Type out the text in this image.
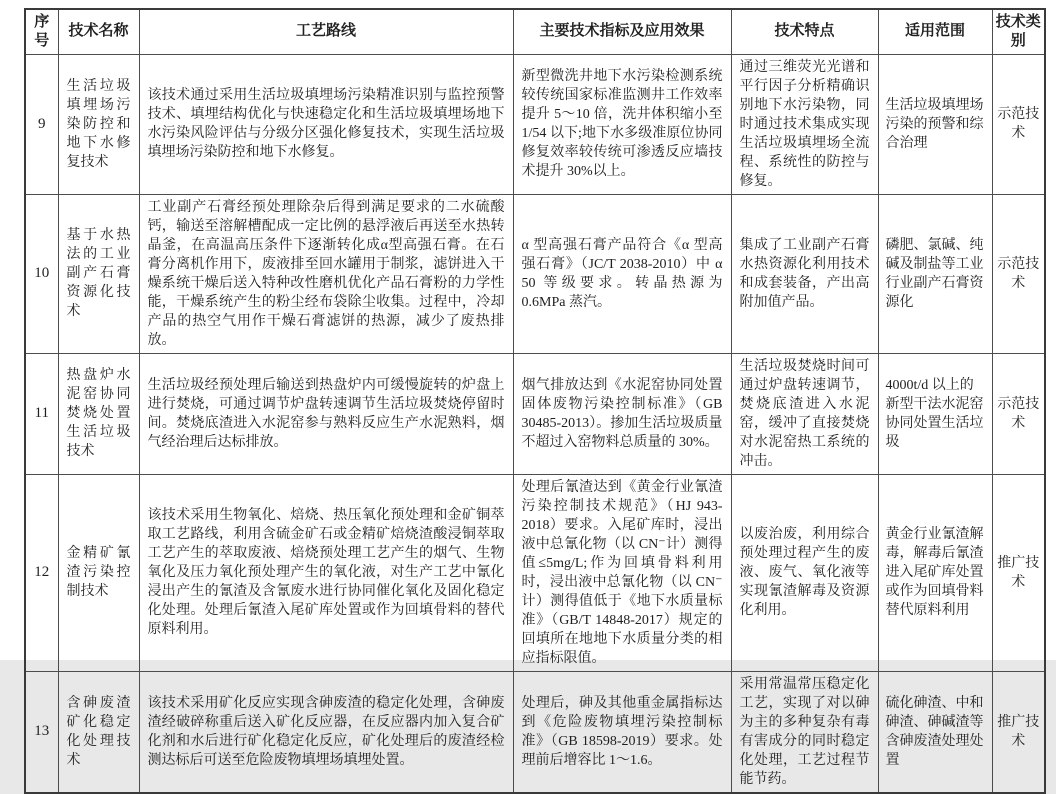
序号	技术名称	工艺路线	主要技术指标及应用效果	技术特点	适用范围	技术类别
9	生活垃圾填埋场污染防控和地下水修复技术	该技术通过采用生活垃圾填埋场污染精准识别与监控预警技术、填埋结构优化与快速稳定化和生活垃圾填埋场地下水污染风险评估与分级分区强化修复技术，实现生活垃圾填埋场污染防控和地下水修复。	新型微洗井地下水污染检测系统较传统国家标准监测井工作效率提升 5～10 倍，洗井体积缩小至 1/54 以下;地下水多级准原位协同修复效率较传统可渗透反应墙技术提升 30%以上。	通过三维荧光光谱和平行因子分析精确识别地下水污染物，同时通过技术集成实现生活垃圾填埋场全流程、系统性的防控与修复。	生活垃圾填埋场污染的预警和综合治理	示范技术
10	基于水热法的工业副产石膏资源化技术	工业副产石膏经预处理除杂后得到满足要求的二水硫酸钙，输送至溶解槽配成一定比例的悬浮液后再送至水热转晶釜，在高温高压条件下逐渐转化成α型高强石膏。在石膏分离机作用下，废液排至回水罐用于制浆，滤饼进入干燥系统干燥后送入特种改性磨机优化产品石膏粉的力学性能，干燥系统产生的粉尘经布袋除尘收集。过程中，冷却产品的热空气用作干燥石膏滤饼的热源，减少了废热排放。	α 型高强石膏产品符合《α 型高强石膏》（JC/T 2038-2010）中 α 50 等级要求。转晶热源为 0.6MPa 蒸汽。	集成了工业副产石膏水热资源化利用技术和成套装备，产出高附加值产品。	磷肥、氯碱、纯碱及制盐等工业行业副产石膏资源化	示范技术
11	热盘炉水泥窑协同焚烧处置生活垃圾技术	生活垃圾经预处理后输送到热盘炉内可缓慢旋转的炉盘上进行焚烧，可通过调节炉盘转速调节生活垃圾焚烧停留时间。焚烧底渣进入水泥窑参与熟料反应生产水泥熟料，烟气经治理后达标排放。	烟气排放达到《水泥窑协同处置固体废物污染控制标准》（GB 30485-2013）。掺加生活垃圾质量不超过入窑物料总质量的 30%。	生活垃圾焚烧时间可通过炉盘转速调节，焚烧底渣进入水泥窑，缓冲了直接焚烧对水泥窑热工系统的冲击。	4000t/d 以上的新型干法水泥窑协同处置生活垃圾	示范技术
12	金精矿氰渣污染控制技术	该技术采用生物氧化、焙烧、热压氧化预处理和金矿铜萃取工艺路线，利用含硫金矿石或金精矿焙烧渣酸浸铜萃取工艺产生的萃取废液、焙烧预处理工艺产生的烟气、生物氧化及压力氧化预处理产生的氧化液，对生产工艺中氰化浸出产生的氰渣及含氰废水进行协同催化氧化及固化稳定化处理。处理后氰渣入尾矿库处置或作为回填骨料的替代原料利用。	处理后氰渣达到《黄金行业氰渣污染控制技术规范》（HJ 943-2018）要求。入尾矿库时，浸出液中总氰化物（以 CN⁻计）测得值≤5mg/L;作为回填骨料利用时，浸出液中总氰化物（以 CN⁻计）测得值低于《地下水质量标准》（GB/T 14848-2017）规定的回填所在地地下水质量分类的相应指标限值。	以废治废，利用综合预处理过程产生的废液、废气、氧化液等实现氰渣解毒及资源化利用。	黄金行业氰渣解毒，解毒后氰渣进入尾矿库处置或作为回填骨料替代原料利用	推广技术
13	含砷废渣矿化稳定化处理技术	该技术采用矿化反应实现含砷废渣的稳定化处理，含砷废渣经破碎称重后送入矿化反应器，在反应器内加入复合矿化剂和水后进行矿化稳定化反应，矿化处理后的废渣经检测达标后可送至危险废物填埋场填埋处置。	处理后，砷及其他重金属指标达到《危险废物填埋污染控制标准》（GB 18598-2019）要求。处理前后增容比 1～1.6。	采用常温常压稳定化工艺，实现了对以砷为主的多种复杂有毒有害成分的同时稳定化处理，工艺过程节能节药。	硫化砷渣、中和砷渣、砷碱渣等含砷废渣处理处置	推广技术
